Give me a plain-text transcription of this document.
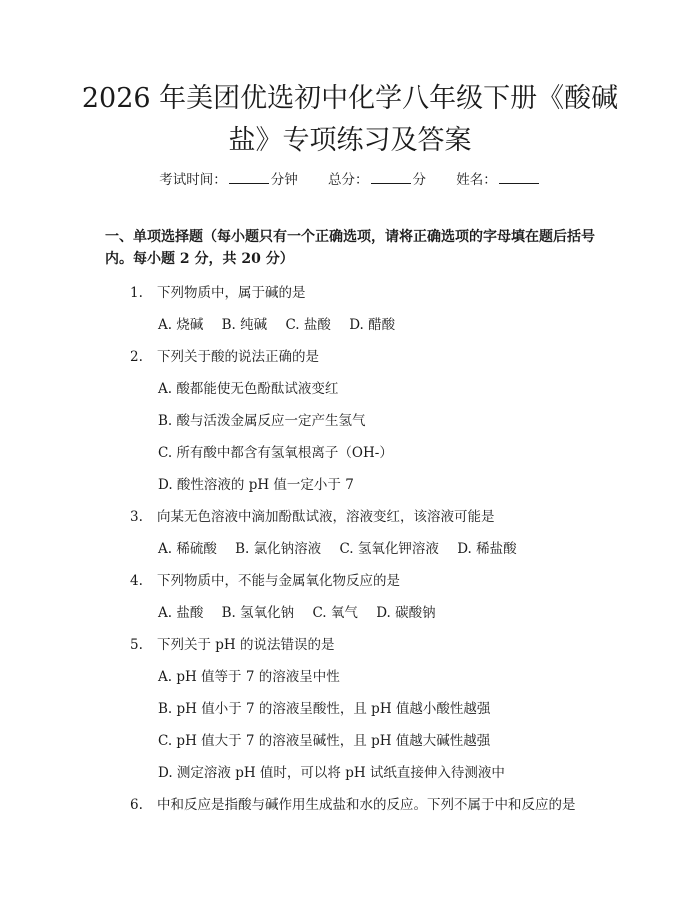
2026 年美团优选初中化学八年级下册《酸碱
盐》专项练习及答案
考试时间：	分钟 总分：	分 姓名：

一、单项选择题（每小题只有一个正确选项，请将正确选项的字母填在题后括号内。每小题 2 分，共 20 分）

1. 下列物质中，属于碱的是
A. 烧碱 B. 纯碱 C. 盐酸 D. 醋酸
2. 下列关于酸的说法正确的是
A. 酸都能使无色酚酞试液变红
B. 酸与活泼金属反应一定产生氢气
C. 所有酸中都含有氢氧根离子（OH-）
D. 酸性溶液的 pH 值一定小于 7
3. 向某无色溶液中滴加酚酞试液，溶液变红，该溶液可能是
A. 稀硫酸 B. 氯化钠溶液 C. 氢氧化钾溶液 D. 稀盐酸
4. 下列物质中，不能与金属氧化物反应的是
A. 盐酸 B. 氢氧化钠 C. 氧气 D. 碳酸钠
5. 下列关于 pH 的说法错误的是
A. pH 值等于 7 的溶液呈中性
B. pH 值小于 7 的溶液呈酸性，且 pH 值越小酸性越强
C. pH 值大于 7 的溶液呈碱性，且 pH 值越大碱性越强
D. 测定溶液 pH 值时，可以将 pH 试纸直接伸入待测液中
6. 中和反应是指酸与碱作用生成盐和水的反应。下列不属于中和反应的是
